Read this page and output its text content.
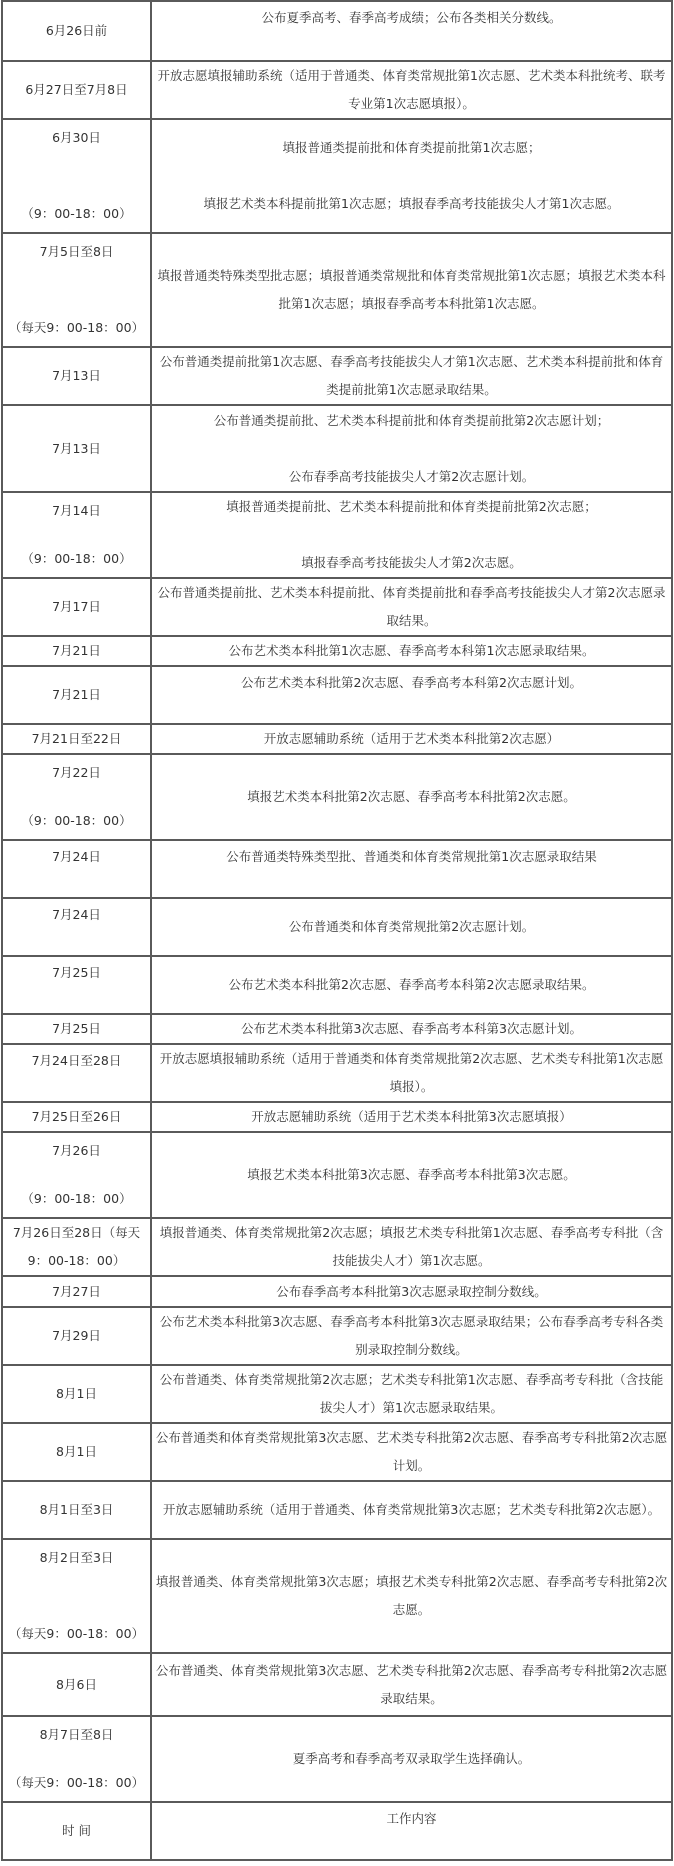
6月26日前	公布夏季高考、春季高考成绩；公布各类相关分数线。

6月27日至7月8日	开放志愿填报辅助系统（适用于普通类、体育类常规批第1次志愿、艺术类本科批统考、联考专业第1次志愿填报）。

6月30日
（9：00-18：00）	填报普通类提前批和体育类提前批第1次志愿；
填报艺术类本科提前批第1次志愿；填报春季高考技能拔尖人才第1次志愿。

7月5日至8日
（每天9：00-18：00）	填报普通类特殊类型批志愿；填报普通类常规批和体育类常规批第1次志愿；填报艺术类本科批第1次志愿；填报春季高考本科批第1次志愿。

7月13日	公布普通类提前批第1次志愿、春季高考技能拔尖人才第1次志愿、艺术类本科提前批和体育类提前批第1次志愿录取结果。

7月13日	公布普通类提前批、艺术类本科提前批和体育类提前批第2次志愿计划；
公布春季高考技能拔尖人才第2次志愿计划。

7月14日
（9：00-18：00）	填报普通类提前批、艺术类本科提前批和体育类提前批第2次志愿；
填报春季高考技能拔尖人才第2次志愿。

7月17日	公布普通类提前批、艺术类本科提前批、体育类提前批和春季高考技能拔尖人才第2次志愿录取结果。

7月21日	公布艺术类本科批第1次志愿、春季高考本科第1次志愿录取结果。

7月21日	公布艺术类本科批第2次志愿、春季高考本科第2次志愿计划。

7月21日至22日	开放志愿辅助系统（适用于艺术类本科批第2次志愿）

7月22日
（9：00-18：00）	填报艺术类本科批第2次志愿、春季高考本科批第2次志愿。

7月24日	公布普通类特殊类型批、普通类和体育类常规批第1次志愿录取结果

7月24日	公布普通类和体育类常规批第2次志愿计划。

7月25日	公布艺术类本科批第2次志愿、春季高考本科第2次志愿录取结果。

7月25日	公布艺术类本科批第3次志愿、春季高考本科第3次志愿计划。

7月24日至28日	开放志愿填报辅助系统（适用于普通类和体育类常规批第2次志愿、艺术类专科批第1次志愿填报）。

7月25日至26日	开放志愿辅助系统（适用于艺术类本科批第3次志愿填报）

7月26日
（9：00-18：00）	填报艺术类本科批第3次志愿、春季高考本科批第3次志愿。

7月26日至28日（每天9：00-18：00）	填报普通类、体育类常规批第2次志愿；填报艺术类专科批第1次志愿、春季高考专科批（含技能拔尖人才）第1次志愿。

7月27日	公布春季高考本科批第3次志愿录取控制分数线。

7月29日	公布艺术类本科批第3次志愿、春季高考本科批第3次志愿录取结果；公布春季高考专科各类别录取控制分数线。

8月1日	公布普通类、体育类常规批第2次志愿；艺术类专科批第1次志愿、春季高考专科批（含技能拔尖人才）第1次志愿录取结果。

8月1日	公布普通类和体育类常规批第3次志愿、艺术类专科批第2次志愿、春季高考专科批第2次志愿计划。

8月1日至3日	开放志愿辅助系统（适用于普通类、体育类常规批第3次志愿；艺术类专科批第2次志愿）。

8月2日至3日
（每天9：00-18：00）	填报普通类、体育类常规批第3次志愿；填报艺术类专科批第2次志愿、春季高考专科批第2次志愿。

8月6日	公布普通类、体育类常规批第3次志愿、艺术类专科批第2次志愿、春季高考专科批第2次志愿录取结果。

8月7日至8日
（每天9：00-18：00）	夏季高考和春季高考双录取学生选择确认。

时 间	工作内容
